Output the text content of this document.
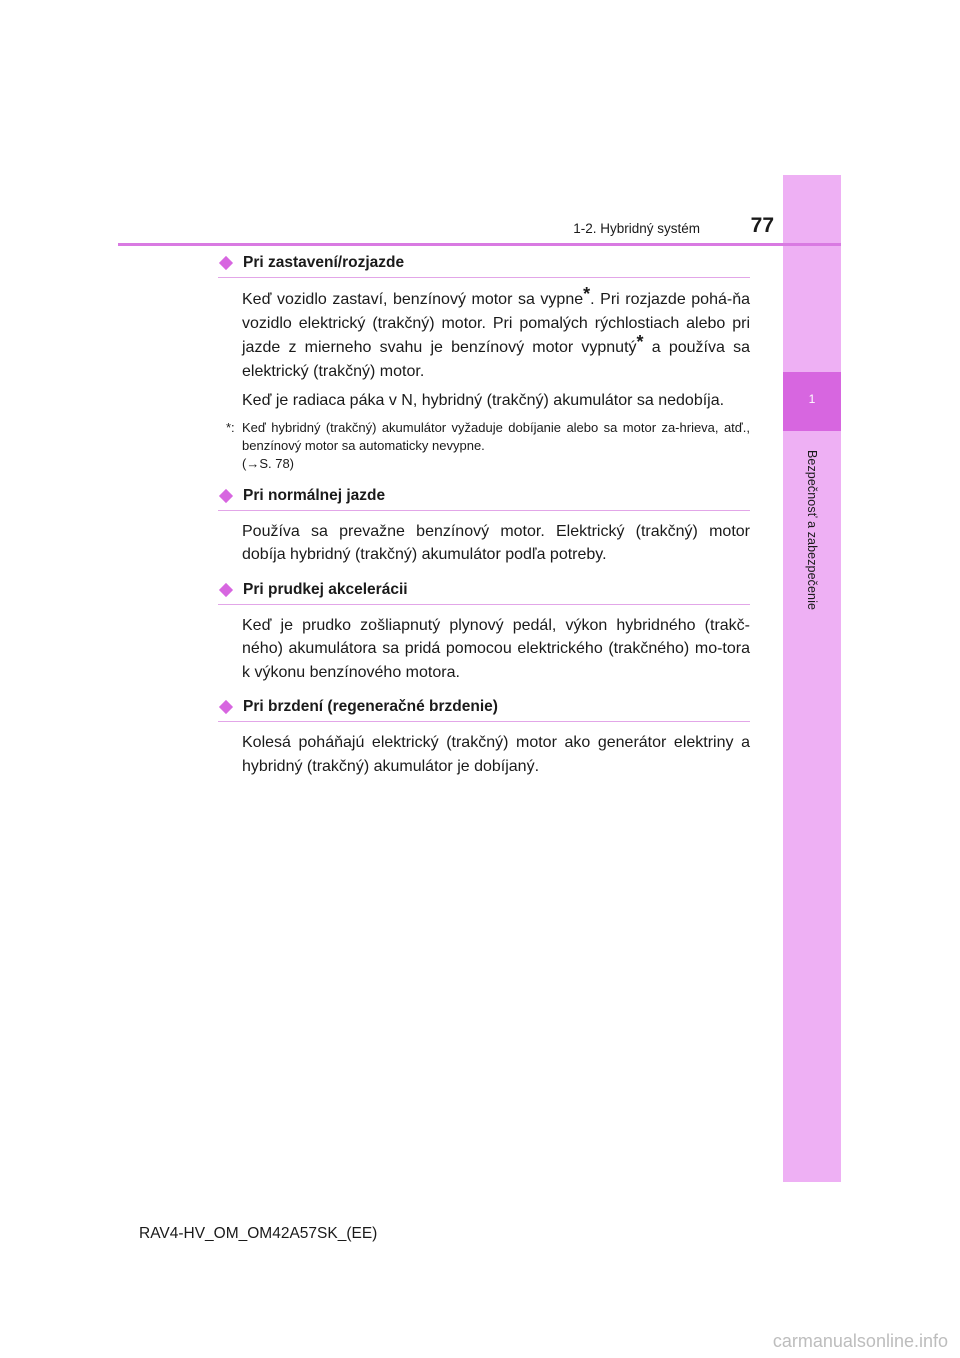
1
Bezpečnosť a zabezpečenie
1-2. Hybridný systém 77
Pri zastavení/rozjazde

Keď vozidlo zastaví, benzínový motor sa vypne*. Pri rozjazde pohá-ňa vozidlo elektrický (trakčný) motor. Pri pomalých rýchlostiach alebo pri jazde z mierneho svahu je benzínový motor vypnutý* a používa sa elektrický (trakčný) motor.

Keď je radiaca páka v N, hybridný (trakčný) akumulátor sa nedobíja.

*: Keď hybridný (trakčný) akumulátor vyžaduje dobíjanie alebo sa motor za-hrieva, atď., benzínový motor sa automaticky nevypne.
(→S. 78)
Pri normálnej jazde

Používa sa prevažne benzínový motor. Elektrický (trakčný) motor dobíja hybridný (trakčný) akumulátor podľa potreby.

Pri prudkej akcelerácii

Keď je prudko zošliapnutý plynový pedál, výkon hybridného (trakč-ného) akumulátora sa pridá pomocou elektrického (trakčného) mo-tora k výkonu benzínového motora.

Pri brzdení (regeneračné brzdenie)

Kolesá poháňajú elektrický (trakčný) motor ako generátor elektriny a hybridný (trakčný) akumulátor je dobíjaný.

RAV4-HV_OM_OM42A57SK_(EE)
carmanualsonline.info
